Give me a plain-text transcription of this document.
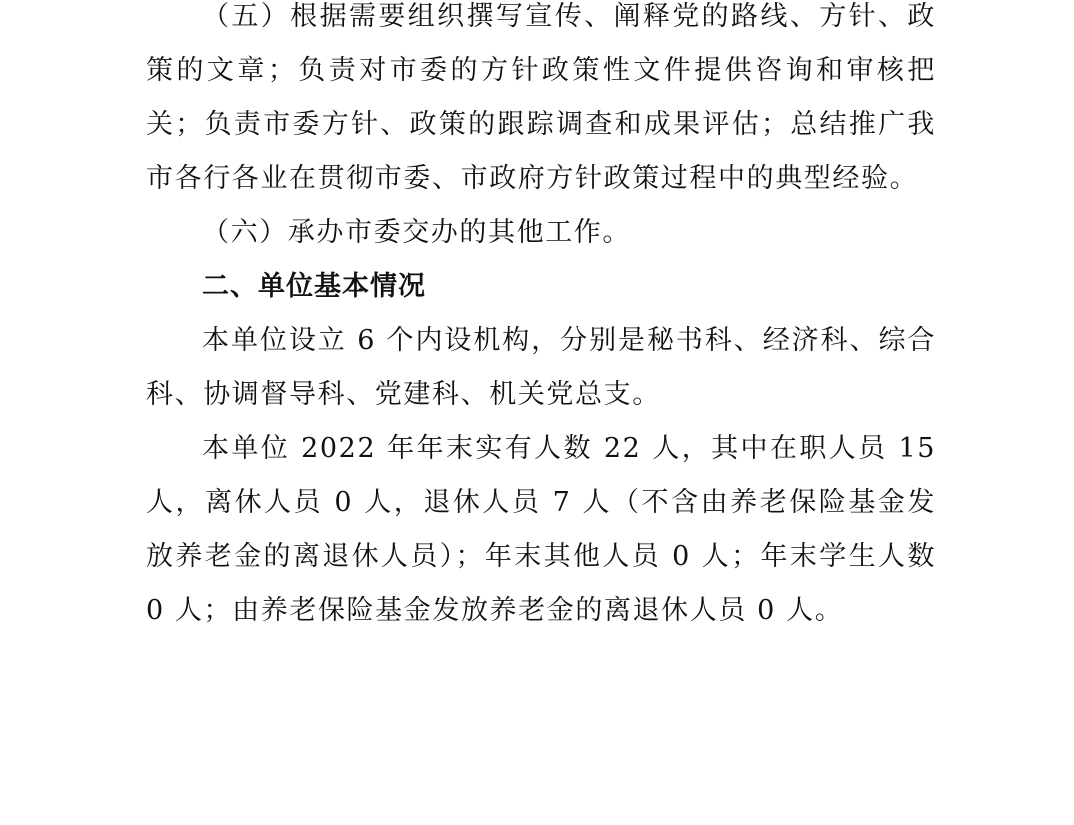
（五）根据需要组织撰写宣传、阐释党的路线、方针、政策的文章；负责对市委的方针政策性文件提供咨询和审核把关；负责市委方针、政策的跟踪调查和成果评估；总结推广我市各行各业在贯彻市委、市政府方针政策过程中的典型经验。

（六）承办市委交办的其他工作。

二、单位基本情况

本单位设立 6 个内设机构，分别是秘书科、经济科、综合科、协调督导科、党建科、机关党总支。

本单位 2022 年年末实有人数 22 人，其中在职人员 15 人，离休人员 0 人，退休人员 7 人（不含由养老保险基金发放养老金的离退休人员）；年末其他人员 0 人；年末学生人数 0 人；由养老保险基金发放养老金的离退休人员 0 人。
